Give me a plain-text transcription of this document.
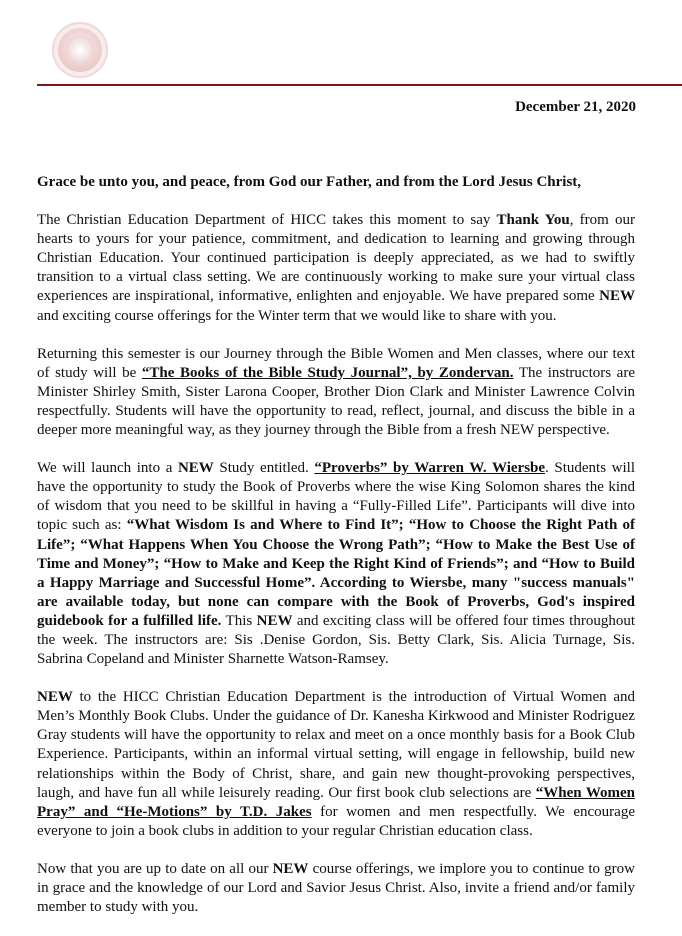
December 21, 2020

Grace be unto you, and peace, from God our Father, and from the Lord Jesus Christ,

The Christian Education Department of HICC takes this moment to say Thank You, from our hearts to yours for your patience, commitment, and dedication to learning and growing through Christian Education. Your continued participation is deeply appreciated, as we had to swiftly transition to a virtual class setting. We are continuously working to make sure your virtual class experiences are inspirational, informative, enlighten and enjoyable. We have prepared some NEW and exciting course offerings for the Winter term that we would like to share with you.

Returning this semester is our Journey through the Bible Women and Men classes, where our text of study will be “The Books of the Bible Study Journal”, by Zondervan. The instructors are Minister Shirley Smith, Sister Larona Cooper, Brother Dion Clark and Minister Lawrence Colvin respectfully. Students will have the opportunity to read, reflect, journal, and discuss the bible in a deeper more meaningful way, as they journey through the Bible from a fresh NEW perspective.

We will launch into a NEW Study entitled. “Proverbs” by Warren W. Wiersbe. Students will have the opportunity to study the Book of Proverbs where the wise King Solomon shares the kind of wisdom that you need to be skillful in having a “Fully-Filled Life”. Participants will dive into topic such as: “What Wisdom Is and Where to Find It”; “How to Choose the Right Path of Life”; “What Happens When You Choose the Wrong Path”; “How to Make the Best Use of Time and Money”; “How to Make and Keep the Right Kind of Friends”; and “How to Build a Happy Marriage and Successful Home”. According to Wiersbe, many "success manuals" are available today, but none can compare with the Book of Proverbs, God's inspired guidebook for a fulfilled life. This NEW and exciting class will be offered four times throughout the week. The instructors are: Sis .Denise Gordon, Sis. Betty Clark, Sis. Alicia Turnage, Sis. Sabrina Copeland and Minister Sharnette Watson-Ramsey.

NEW to the HICC Christian Education Department is the introduction of Virtual Women and Men’s Monthly Book Clubs. Under the guidance of Dr. Kanesha Kirkwood and Minister Rodriguez Gray students will have the opportunity to relax and meet on a once monthly basis for a Book Club Experience. Participants, within an informal virtual setting, will engage in fellowship, build new relationships within the Body of Christ, share, and gain new thought-provoking perspectives, laugh, and have fun all while leisurely reading. Our first book club selections are “When Women Pray” and “He-Motions” by T.D. Jakes for women and men respectfully. We encourage everyone to join a book clubs in addition to your regular Christian education class.

Now that you are up to date on all our NEW course offerings, we implore you to continue to grow in grace and the knowledge of our Lord and Savior Jesus Christ. Also, invite a friend and/or family member to study with you.
